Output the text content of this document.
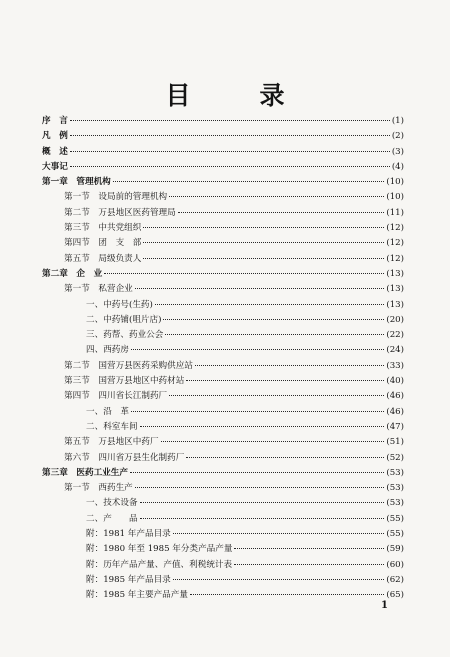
目　录
序　言	(1)
凡　例	(2)
概　述	(3)
大事记	(4)
第一章　管理机构	(10)
第一节　设局前的管理机构	(10)
第二节　万县地区医药管理局	(11)
第三节　中共党组织	(12)
第四节　团　支　部	(12)
第五节　局级负责人	(12)
第二章　企　业	(13)
第一节　私营企业	(13)
一、中药号(生药)	(13)
二、中药铺(咀片店)	(20)
三、药帮、药业公会	(22)
四、西药房	(24)
第二节　国营万县医药采购供应站	(33)
第三节　国营万县地区中药材站	(40)
第四节　四川省长江制药厂	(46)
一、沿　革	(46)
二、科室车间	(47)
第五节　万县地区中药厂	(51)
第六节　四川省万县生化制药厂	(52)
第三章　医药工业生产	(53)
第一节　西药生产	(53)
一、技术设备	(53)
二、产　　品	(55)
附：1981 年产品目录	(55)
附：1980 年至 1985 年分类产品产量	(59)
附：历年产品产量、产值、利税统计表	(60)
附：1985 年产品目录	(62)
附：1985 年主要产品产量	(65)
1
